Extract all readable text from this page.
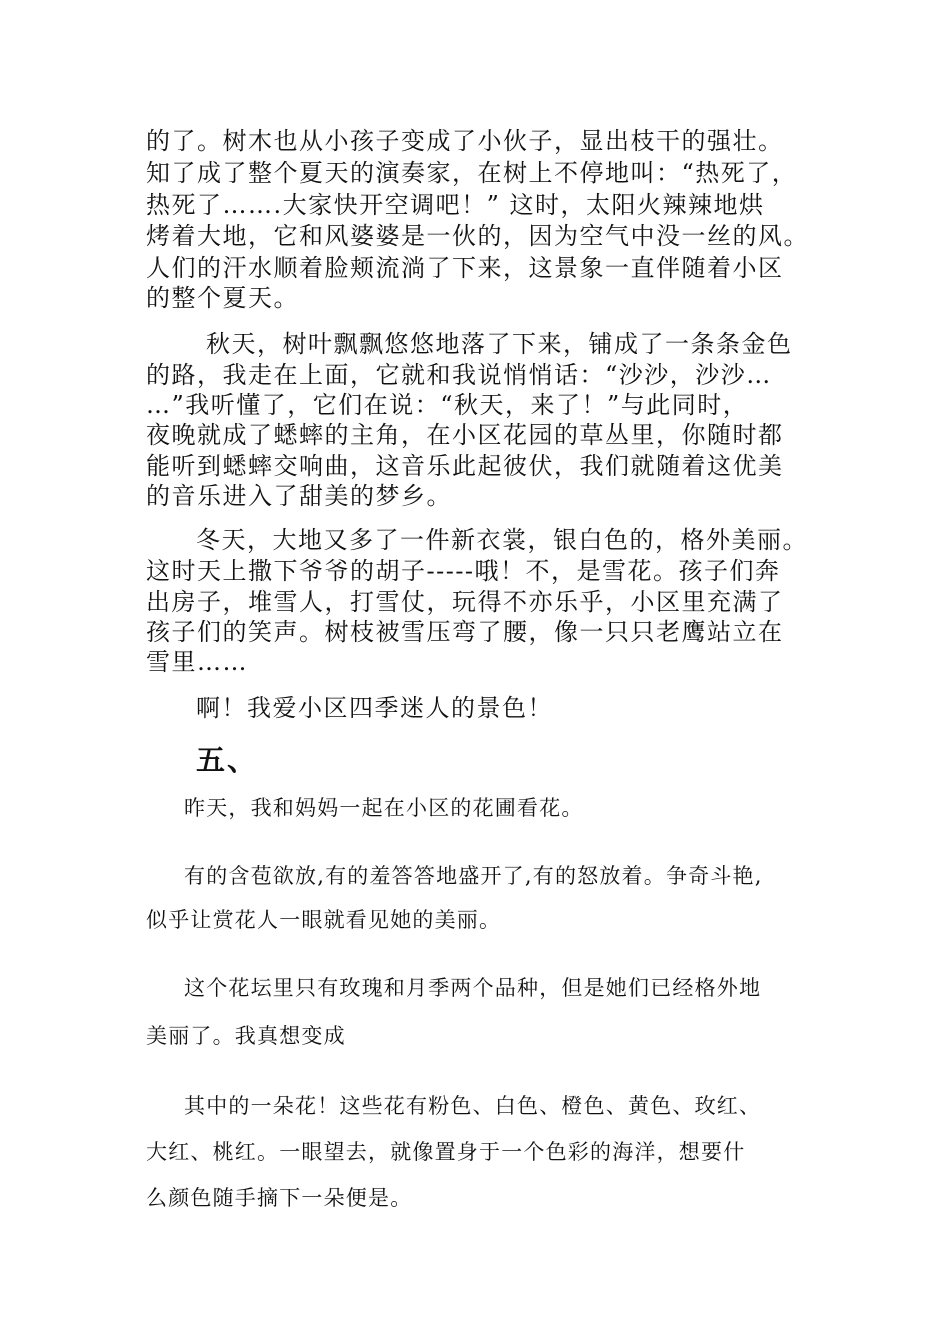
的了。树木也从小孩子变成了小伙子，显出枝干的强壮。

知了成了整个夏天的演奏家，在树上不停地叫：“热死了，

热死了…….大家快开空调吧！” 这时，太阳火辣辣地烘

烤着大地，它和风婆婆是一伙的，因为空气中没一丝的风。

人们的汗水顺着脸颊流淌了下来，这景象一直伴随着小区

的整个夏天。

秋天，树叶飘飘悠悠地落了下来，铺成了一条条金色

的路，我走在上面，它就和我说悄悄话：“沙沙，沙沙…

…”我听懂了，它们在说：“秋天，来了！”与此同时，

夜晚就成了蟋蟀的主角，在小区花园的草丛里，你随时都

能听到蟋蟀交响曲，这音乐此起彼伏，我们就随着这优美

的音乐进入了甜美的梦乡。

冬天，大地又多了一件新衣裳，银白色的，格外美丽。

这时天上撒下爷爷的胡子-----哦！不，是雪花。孩子们奔

出房子，堆雪人，打雪仗，玩得不亦乐乎，小区里充满了

孩子们的笑声。树枝被雪压弯了腰，像一只只老鹰站立在

雪里……

啊！我爱小区四季迷人的景色！

五、

昨天，我和妈妈一起在小区的花圃看花。

有的含苞欲放,有的羞答答地盛开了,有的怒放着。争奇斗艳,

似乎让赏花人一眼就看见她的美丽。

这个花坛里只有玫瑰和月季两个品种，但是她们已经格外地

美丽了。我真想变成

其中的一朵花！这些花有粉色、白色、橙色、黄色、玫红、

大红、桃红。一眼望去，就像置身于一个色彩的海洋，想要什

么颜色随手摘下一朵便是。
